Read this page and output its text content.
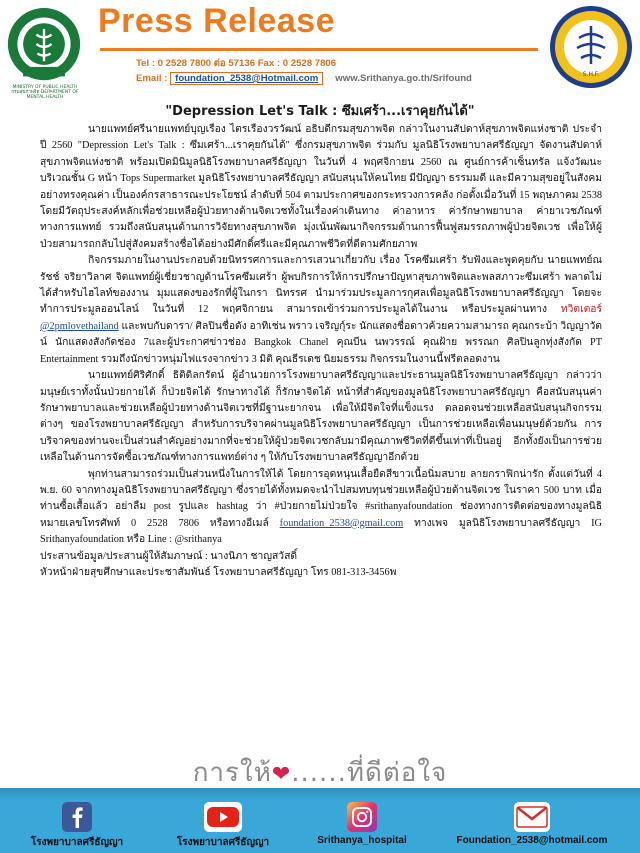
MINISTRY OF PUBLIC HEALTH
กรมสุขภาพจิต DEPARTMENT OF MENTAL HEALTH
Press Release
Tel : 0 2528 7800 ต่อ 57136 Fax : 0 2528 7806
Email : foundation_2538@Hotmail.com www.Srithanya.go.th/Srifound	S.H.F.
"Depression Let's Talk : ซึมเศร้า...เราคุยกันได้"

นายแพทย์ศรีนายแพทย์บุญเรือง ไตรเรืองวรวัฒน์ อธิบดีกรมสุขภาพจิต กล่าวในงานสัปดาห์สุขภาพจิตแห่งชาติ ประจำปี 2560 "Depression Let's Talk : ซึมเศร้า...เราคุยกันได้" ซึ่งกรมสุขภาพจิต ร่วมกับ มูลนิธิโรงพยาบาลศรีธัญญา จัดงานสัปดาห์สุขภาพจิตแห่งชาติ พร้อมเปิดมินิมูลนิธิโรงพยาบาลศรีธัญญา ในวันที่ 4 พฤศจิกายน 2560 ณ ศูนย์การค้าเซ็นทรัล แจ้งวัฒนะ บริเวณชั้น G หน้า Tops Supermarket มูลนิธิโรงพยาบาลศรีธัญญา สนับสนุนให้คนไทย มีปัญญา ธรรมมดี และมีความสุขอยู่ในสังคมอย่างทรงคุณค่า เป็นองค์กรสาธารณะประโยชน์ ลำดับที่ 504 ตามประกาศของกระทรวงการคลัง ก่อตั้งเมื่อวันที่ 15 พฤษภาคม 2538 โดยมีวัตถุประสงค์หลักเพื่อช่วยเหลือผู้ป่วยทางด้านจิตเวชทั้งในเรื่องค่าเดินทาง ค่าอาหาร ค่ารักษาพยาบาล ค่ายาเวชภัณฑ์ทางการแพทย์ รวมถึงสนับสนุนด้านการวิจัยทางสุขภาพจิต มุ่งเน้นพัฒนากิจกรรมด้านการฟื้นฟูสมรรถภาพผู้ป่วยจิตเวช เพื่อให้ผู้ป่วยสามารถกลับไปสู่สังคมสร้างชื่อได้อย่างมีศักดิ์ศรีและมีคุณภาพชีวิตที่ดีตามศักยภาพ

กิจกรรมภายในงานประกอบด้วยนิทรรศการและการเสวนาเกี่ยวกับ เรื่อง โรคซึมเศร้า รับฟังและพูดคุยกับ นายแพทย์ณรัชช์ จริยาวิลาศ จิตแพทย์ผู้เชี่ยวชาญด้านโรคซึมเศร้า ผู้พบกิรการให้การปรึกษาปัญหาสุขภาพจิตและพลสภาวะซึมเศร้า พลาดไม่ได้สำหรับไฮไลท์ของงาน มุมแสดงของรักที่ผู้ในกรา นิทรรศ นำมาร่วมประมูลการกุศลเพื่อมูลนิธิโรงพยาบาลศรีธัญญา โดยจะทำการประมูลออนไลน์ ในวันที่ 12 พฤศจิกายน สามารถเข้าร่วมการประมูลได้ในงาน หรือประมูลผ่านทาง ทวิตเตอร์ @2pmlovethailand และพบกับดารา/ ศิลปินชื่อดัง อาทิเช่น พราว เจริญกุ์ระ นักแสดงชื่อดาวค้วยความสามารถ คุณกระบ้า วิญญาวัตน์ นักแสดงสังกัดช่อง 7และผู้ประกาศข่าวช่อง Bangkok Chanel คุณบีน นพวรรณ์ คุณฝ้าย พรรณก ศิลปินลูกทุ่งสังกัด PT Entertainment รวมถึงนักข่าวหนุ่มไฟแรงจากข่าว 3 มิติ คุณธีรเดช นิยมธรรม กิจกรรมในงานนี้ฟรีตลอดงาน

นายแพทย์ศิริศักดิ์ ธิติดิลกรัตน์ ผู้อำนวยการโรงพยาบาลศรีธัญญาและประธานมูลนิธิโรงพยาบาลศรีธัญญา กล่าวว่า มนุษย์เราทั้งนั้นป่วยกายได้ ก็ป่วยจิตได้ รักษาทางได้ ก็รักษาจิตได้ หน้าที่สำคัญของมูลนิธิโรงพยาบาลศรีธัญญา คือสนับสนุนค่ารักษาพยาบาลและช่วยเหลือผู้ป่วยทางด้านจิตเวชที่มีฐานะยากจน เพื่อให้มีจิตใจที่แข็งแรง ตลอดจนช่วยเหลือสนับสนุนกิจกรรมต่างๆ ของโรงพยาบาลศรีธัญญา สำหรับการบริจาคผ่านมูลนิธิโรงพยาบาลศรีธัญญา เป็นการช่วยเหลือเพื่อนมนุษย์ด้วยกัน การบริจาคของท่านจะเป็นส่วนสำคัญอย่างมากที่จะช่วยให้ผู้ป่วยจิตเวชกลับมามีคุณภาพชีวิตที่ดีขึ้นเท่าที่เป็นอยู่ อีกทั้งยังเป็นการช่วยเหลือในด้านการจัดซื้อเวชภัณฑ์ทางการแพทย์ต่าง ๆ ให้กับโรงพยาบาลศรีธัญญาอีกด้วย

พุกท่านสามารถร่วมเป็นส่วนหนึ่งในการให้ได้ โดยการอุดหนุนเสื้อยืดสีขาวเนื้อนิ่มสบาย ลายกราฟิกน่ารัก ตั้งแต่วันที่ 4 พ.ย. 60 จากทางมูลนิธิโรงพยาบาลศรีธัญญา ซึ่งรายได้ทั้งหมดจะนำไปสมทบทุนช่วยเหลือผู้ป่วยด้านจิตเวช ในราคา 500 บาท เมื่อท่านซื้อเสื้อแล้ว อย่าลืม post รูปและ hashtag ว่า #ป่วยกายไม่ป่วยใจ #srithanyafoundation ช่องทางการติดต่อของทางมูลนิธิ หมายเลขโทรศัพท์ 0 2528 7806 หรือทางอีเมล์ foundation_2538@gmail.com ทางเพจ มูลนิธิโรงพยาบาลศรีธัญญา IG Srithanyafoundation หรือ Line : @srithanya

ประสานข้อมูล/ประสานผู้ให้สัมภาษณ์ : นางนิภา ชาญสวัสดิ์

หัวหน้าฝ่ายสุขศึกษาและประชาสัมพันธ์ โรงพยาบาลศรีธัญญา โทร 081-313-3456พ

การให้❤......ที่ดีต่อใจ
โรงพยาบาลศรีธัญญา	โรงพยาบาลศรีธัญญา	Srithanya_hospital	Foundation_2538@hotmail.com
